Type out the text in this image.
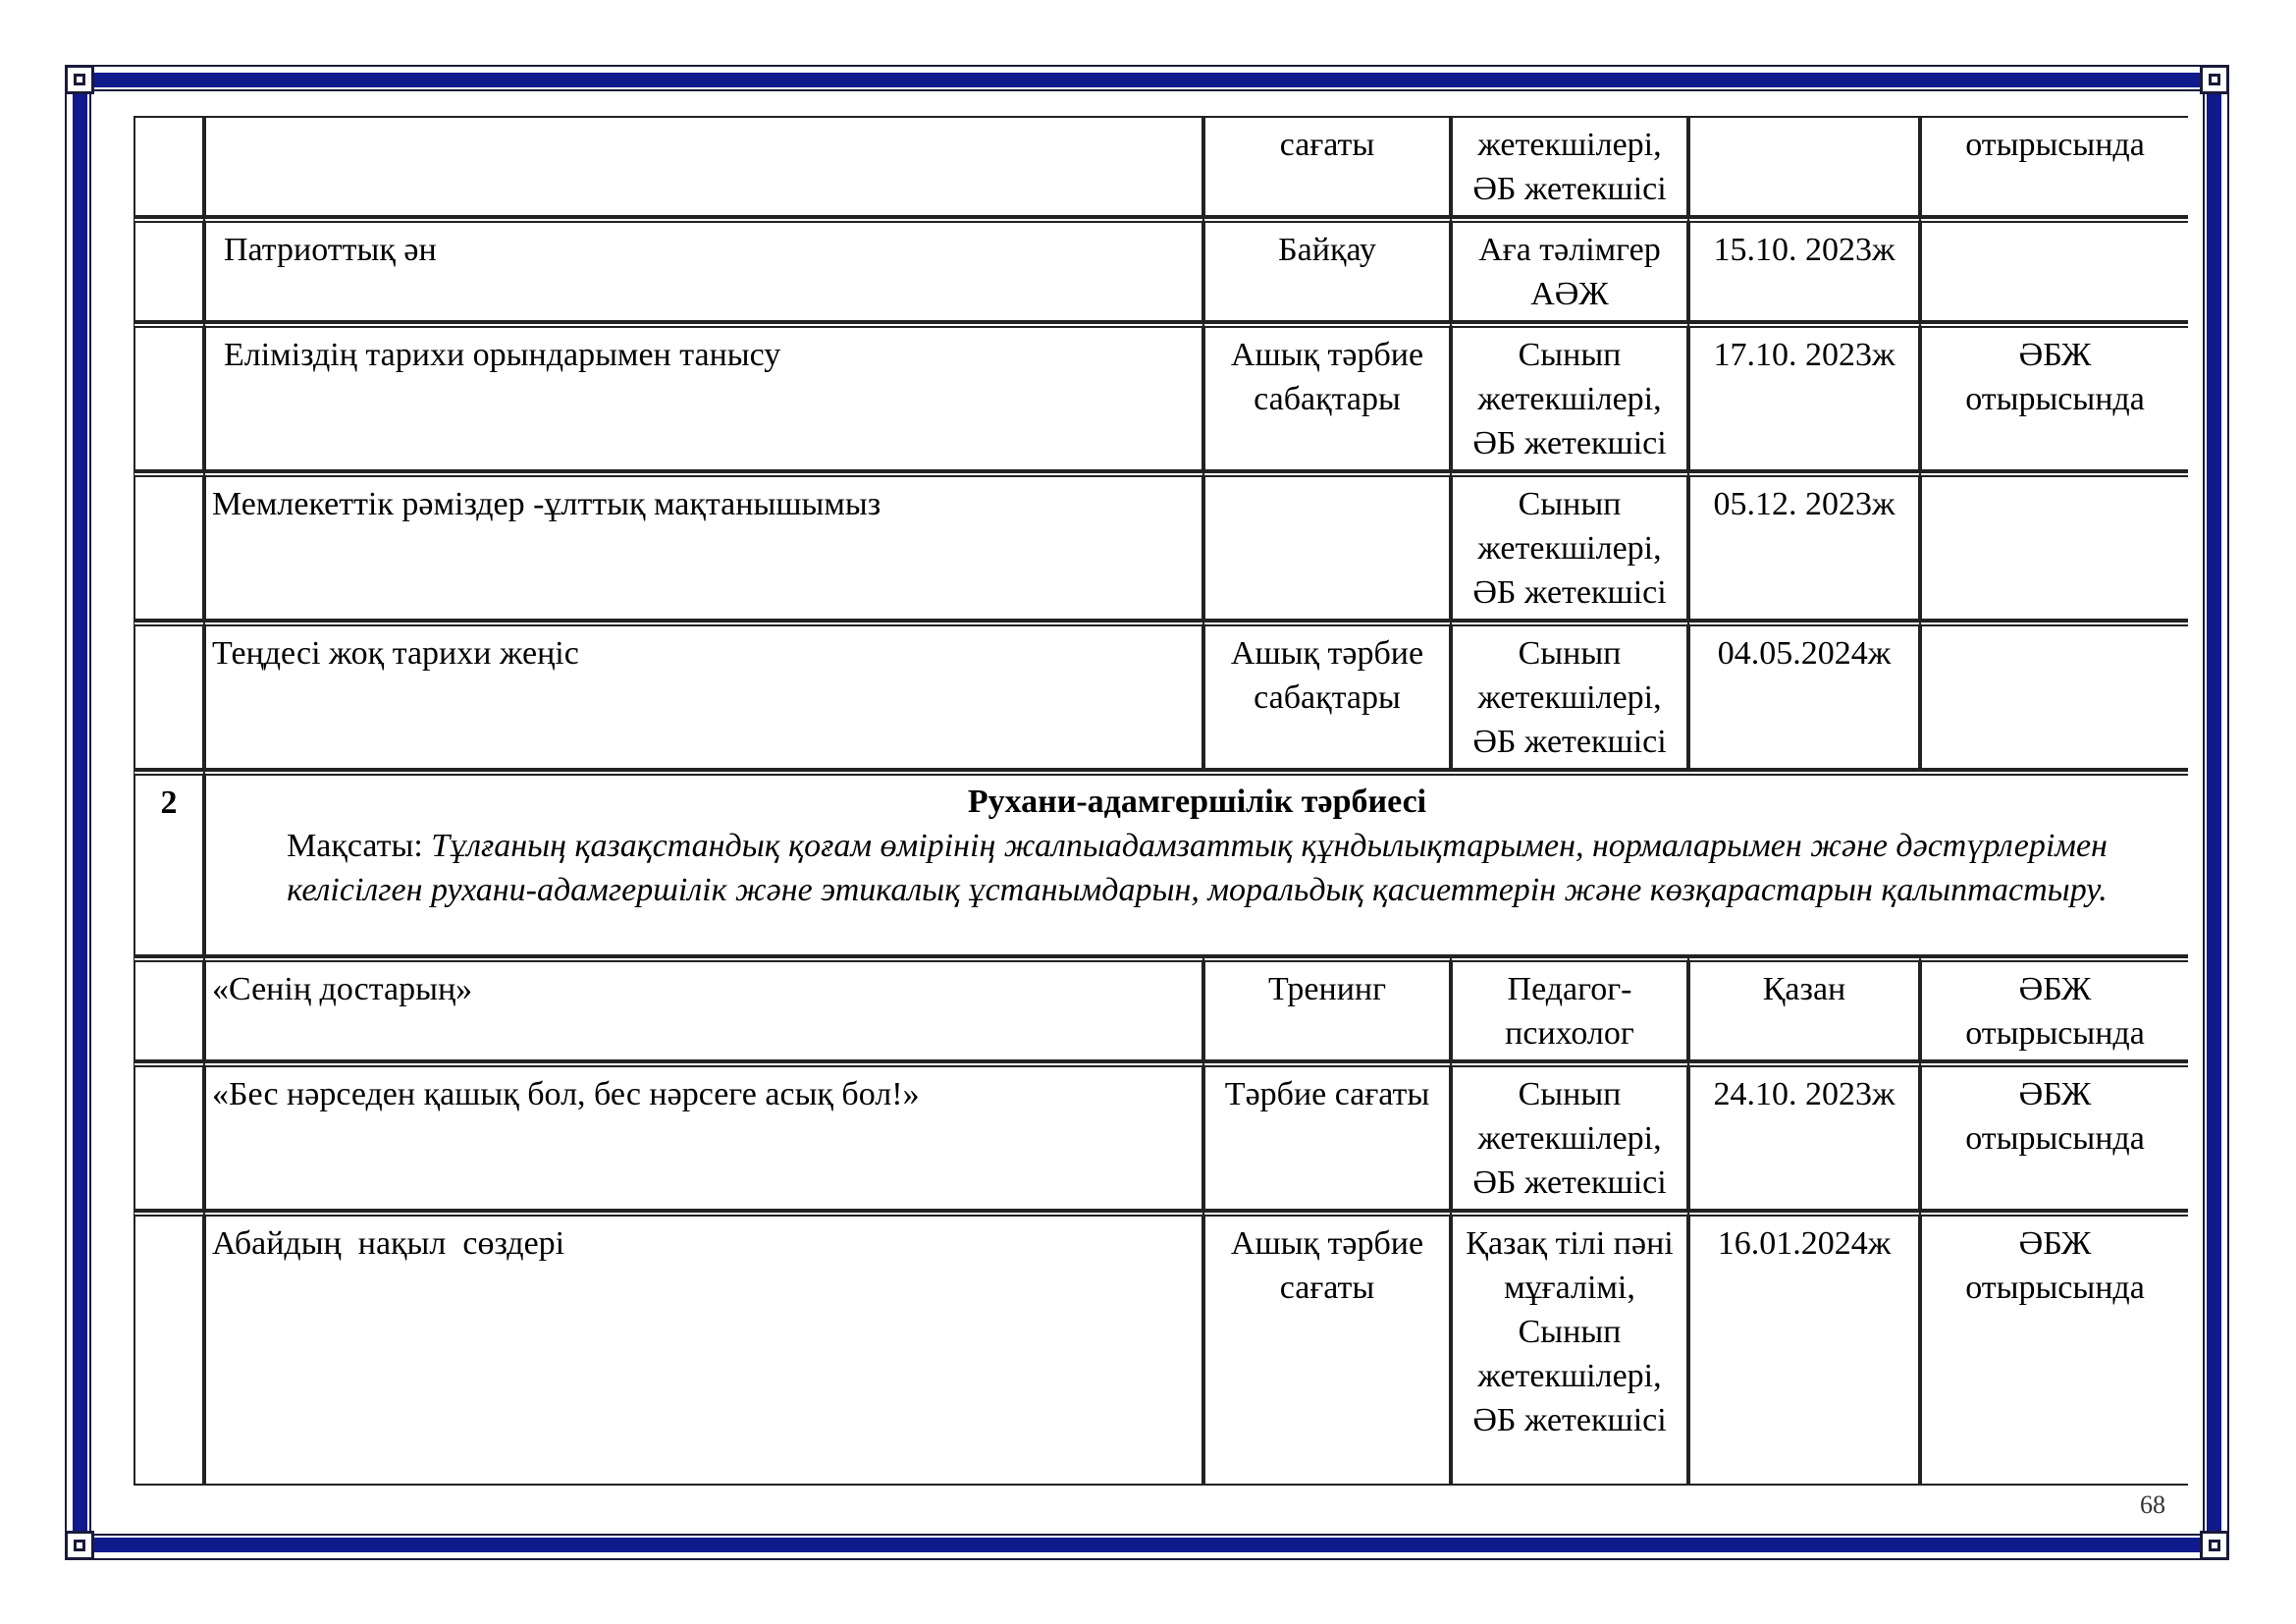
		сағаты	жетекшілері, ӘБ жетекшісі		отырысында
	Патриоттық ән	Байқау	Аға тәлімгер АӘЖ	15.10. 2023ж	
	Еліміздің тарихи орындарымен танысу	Ашық тәрбие сабақтары	Сынып жетекшілері, ӘБ жетекшісі	17.10. 2023ж	ӘБЖ отырысында
	Мемлекеттік рәміздер -ұлттық мақтанышымыз		Сынып жетекшілері, ӘБ жетекшісі	05.12. 2023ж	
	Теңдесі жоқ тарихи жеңіс	Ашық тәрбие сабақтары	Сынып жетекшілері, ӘБ жетекшісі	04.05.2024ж	
2	Рухани-адамгершілік тәрбиесі
Мақсаты: Тұлғаның қазақстандық қоғам өмірінің жалпыадамзаттық құндылықтарымен, нормаларымен және дәстүрлерімен келісілген рухани-адамгершілік және этикалық ұстанымдарын, моральдық қасиеттерін және көзқарастарын қалыптастыру.				
	«Сенің достарың»	Тренинг	Педагог-психолог	Қазан	ӘБЖ отырысында
	«Бес нәрседен қашық бол, бес нәрсеге асық бол!»	Тәрбие сағаты	Сынып жетекшілері, ӘБ жетекшісі	24.10. 2023ж	ӘБЖ отырысында
	Абайдың  нақыл  сөздері	Ашық тәрбие сағаты	Қазақ тілі пәні мұғалімі, Сынып жетекшілері, ӘБ жетекшісі	16.01.2024ж	ӘБЖ отырысында
68
